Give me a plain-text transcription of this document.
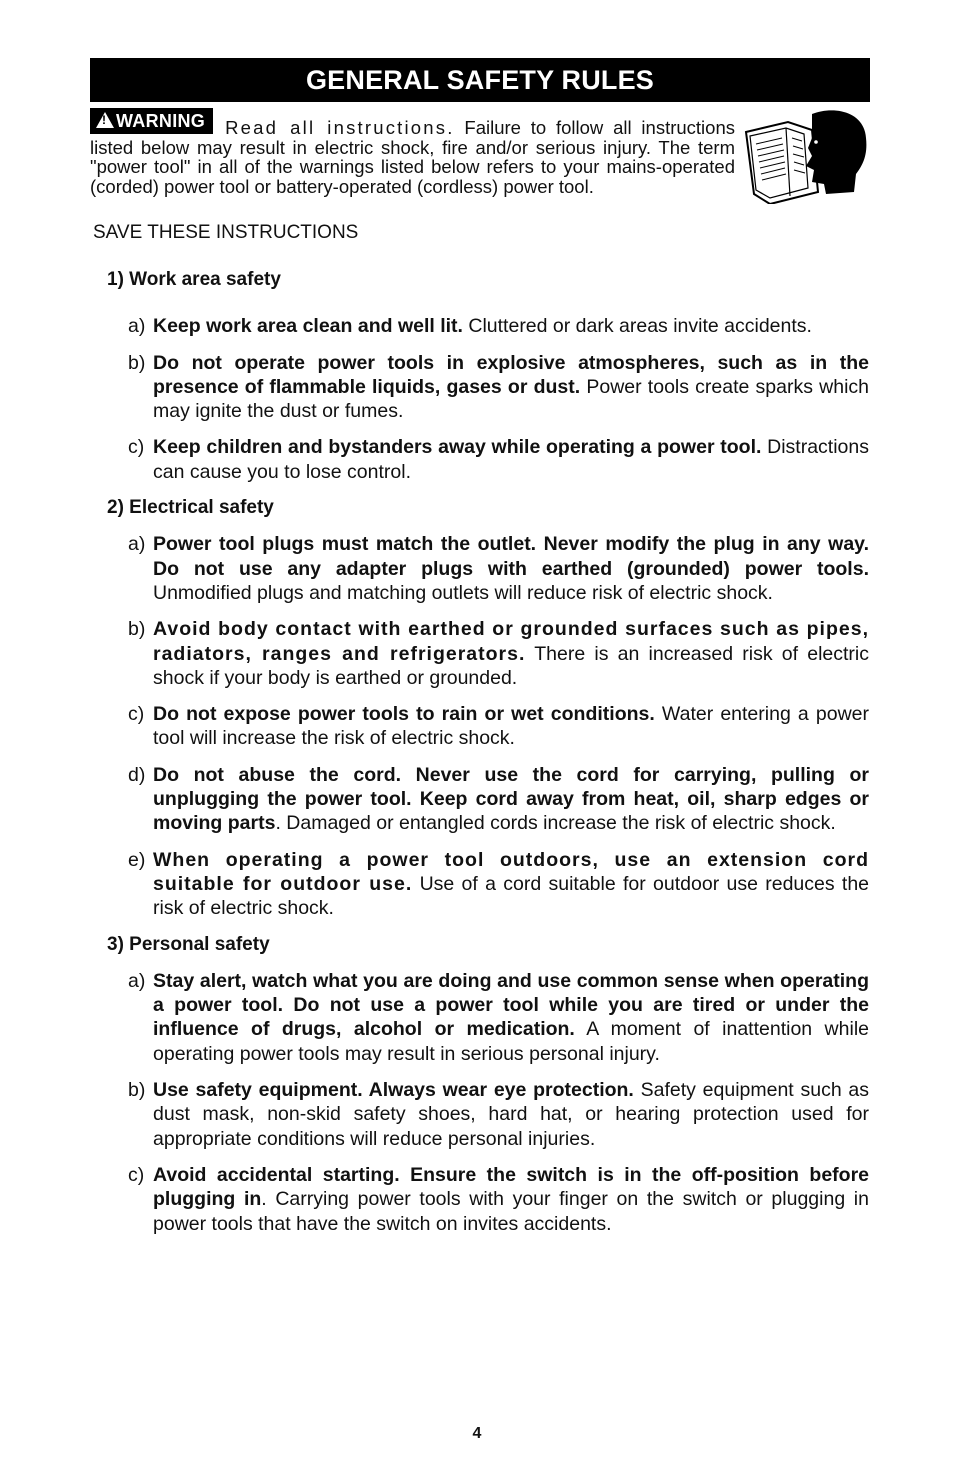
GENERAL SAFETY RULES
!WARNING	Read all instructions. Failure to follow all instructions listed below may result in electric shock, fire and/or serious injury. The term "power tool" in all of the warnings listed below refers to your mains-operated (corded) power tool or battery-operated (cordless) power tool.

SAVE THESE INSTRUCTIONS

1) Work area safety

a) Keep work area clean and well lit. Cluttered or dark areas invite accidents.

b) Do not operate power tools in explosive atmospheres, such as in the presence of flammable liquids, gases or dust. Power tools create sparks which may ignite the dust or fumes.

c) Keep children and bystanders away while operating a power tool. Distractions can cause you to lose control.

2) Electrical safety

a) Power tool plugs must match the outlet. Never modify the plug in any way. Do not use any adapter plugs with earthed (grounded) power tools. Unmodified plugs and matching outlets will reduce risk of electric shock.

b) Avoid body contact with earthed or grounded surfaces such as pipes, radiators, ranges and refrigerators. There is an increased risk of electric shock if your body is earthed or grounded.

c) Do not expose power tools to rain or wet conditions. Water entering a power tool will increase the risk of electric shock.

d) Do not abuse the cord. Never use the cord for carrying, pulling or unplugging the power tool. Keep cord away from heat, oil, sharp edges or moving parts. Damaged or entangled cords increase the risk of electric shock.

e) When operating a power tool outdoors, use an extension cord suitable for outdoor use. Use of a cord suitable for outdoor use reduces the risk of electric shock.

3) Personal safety

a) Stay alert, watch what you are doing and use common sense when operating a power tool. Do not use a power tool while you are tired or under the influence of drugs, alcohol or medication. A moment of inattention while operating power tools may result in serious personal injury.

b) Use safety equipment. Always wear eye protection. Safety equipment such as dust mask, non-skid safety shoes, hard hat, or hearing protection used for appropriate conditions will reduce personal injuries.

c) Avoid accidental starting. Ensure the switch is in the off-position before plugging in. Carrying power tools with your finger on the switch or plugging in power tools that have the switch on invites accidents.

4
